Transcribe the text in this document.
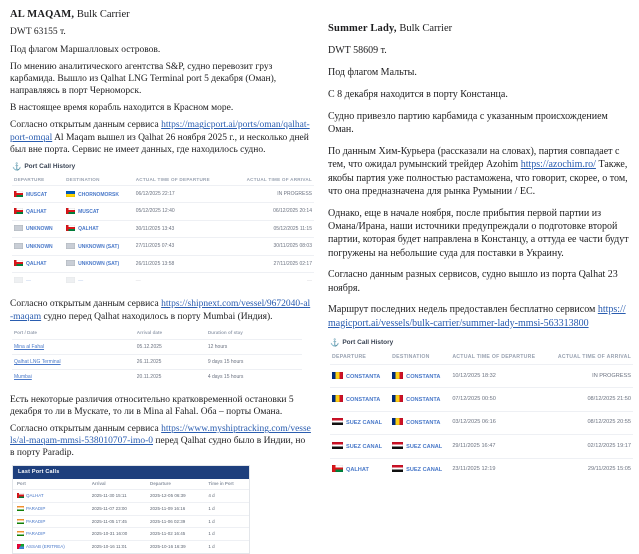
AL MAQAM, Bulk Carrier

DWT 63155 т.

Под флагом Маршалловых островов.

По мнению аналитического агентства S&P, судно перевозит груз карбамида. Вышло из Qalhat LNG Terminal port 5 декабря (Оман), направляясь в порт Черноморск.

В настоящее время корабль находится в Красном море.

Согласно открытым данным сервиса https://magicport.ai/ports/oman/qalhat-port-omqal Al Maqam вышел из Qalhat 26 ноября 2025 г., и несколько дней был вне порта. Сервис не имеет данных, где находилось судно.

⚓ Port Call History
DEPARTURE	DESTINATION	ACTUAL TIME OF DEPARTURE	ACTUAL TIME OF ARRIVAL
MUSCAT	CHORNOMORSK	06/12/2025 22:17	IN PROGRESS
QALHAT	MUSCAT	05/12/2025 12:40	06/12/2025 20:14
UNKNOWN	QALHAT	30/11/2025 13:43	05/12/2025 11:15
UNKNOWN	UNKNOWN (SAT)	27/11/2025 07:43	30/11/2025 08:03
QALHAT	UNKNOWN (SAT)	26/11/2025 13:58	27/11/2025 02:17
—	—	—	—

Согласно открытым данным сервиса https://shipnext.com/vessel/9672040-al-maqam судно перед Qalhat находилось в порту Mumbai (Индия).

Port / Date	Arrival date	Duration of stay
Mina al Fahal	05.12.2025	12 hours
Qalhat LNG Terminal	26.11.2025	9 days 15 hours
Mumbai	20.11.2025	4 days 15 hours

Есть некоторые различия относительно кратковременной остановки 5 декабря то ли в Мускате, то ли в Mina al Fahal. Оба – порты Омана.

Согласно открытым данным сервиса https://www.myshiptracking.com/vessels/al-maqam-mmsi-538010707-imo-0 перед Qalhat судно было в Индии, но в порту Paradip.

Last Port Calls
Port	Arrival	Departure	Time in Port
QALHAT	2025-11-30 15:11	2025-12-05 06:39	4 d
PARADIP	2025-11-07 23:00	2025-11-09 16:16	1 d
PARADIP	2025-11-05 17:45	2025-11-06 02:39	1 d
PARADIP	2025-10-31 16:00	2025-11-02 16:45	1 d
ASSAB (ERITREA)	2025-10-16 11:01	2025-10-16 16:39	1 d

Summer Lady, Bulk Carrier

DWT 58609 т.

Под флагом Мальты.

С 8 декабря находится в порту Констанца.

Судно привезло партию карбамида с указанным происхождением Оман.

По данным Хим-Курьера (рассказали на словах), партия совпадает с тем, что ожидал румынский трейдер Azohim https://azochim.ro/ Также, якобы партия уже полностью растаможена, что говорит, скорее, о том, что она предназначена для рынка Румынии / ЕС.

Однако, еще в начале ноября, после прибытия первой партии из Омана/Ирана, наши источники предупреждали о подготовке второй партии, которая будет направлена в Констанцу, а оттуда ее части будут погружены на небольшие суда для поставки в Украину.

Согласно данным разных сервисов, судно вышло из порта Qalhat 23 ноября.

Маршрут последних недель предоставлен бесплатно сервисом https://magicport.ai/vessels/bulk-carrier/summer-lady-mmsi-563313800

⚓ Port Call History
DEPARTURE	DESTINATION	ACTUAL TIME OF DEPARTURE	ACTUAL TIME OF ARRIVAL
CONSTANTA	CONSTANTA	10/12/2025 18:32	IN PROGRESS
CONSTANTA	CONSTANTA	07/12/2025 00:50	08/12/2025 21:50
SUEZ CANAL	CONSTANTA	03/12/2025 06:16	08/12/2025 20:55
SUEZ CANAL	SUEZ CANAL	29/11/2025 16:47	02/12/2025 19:17
QALHAT	SUEZ CANAL	23/11/2025 12:19	29/11/2025 15:05
